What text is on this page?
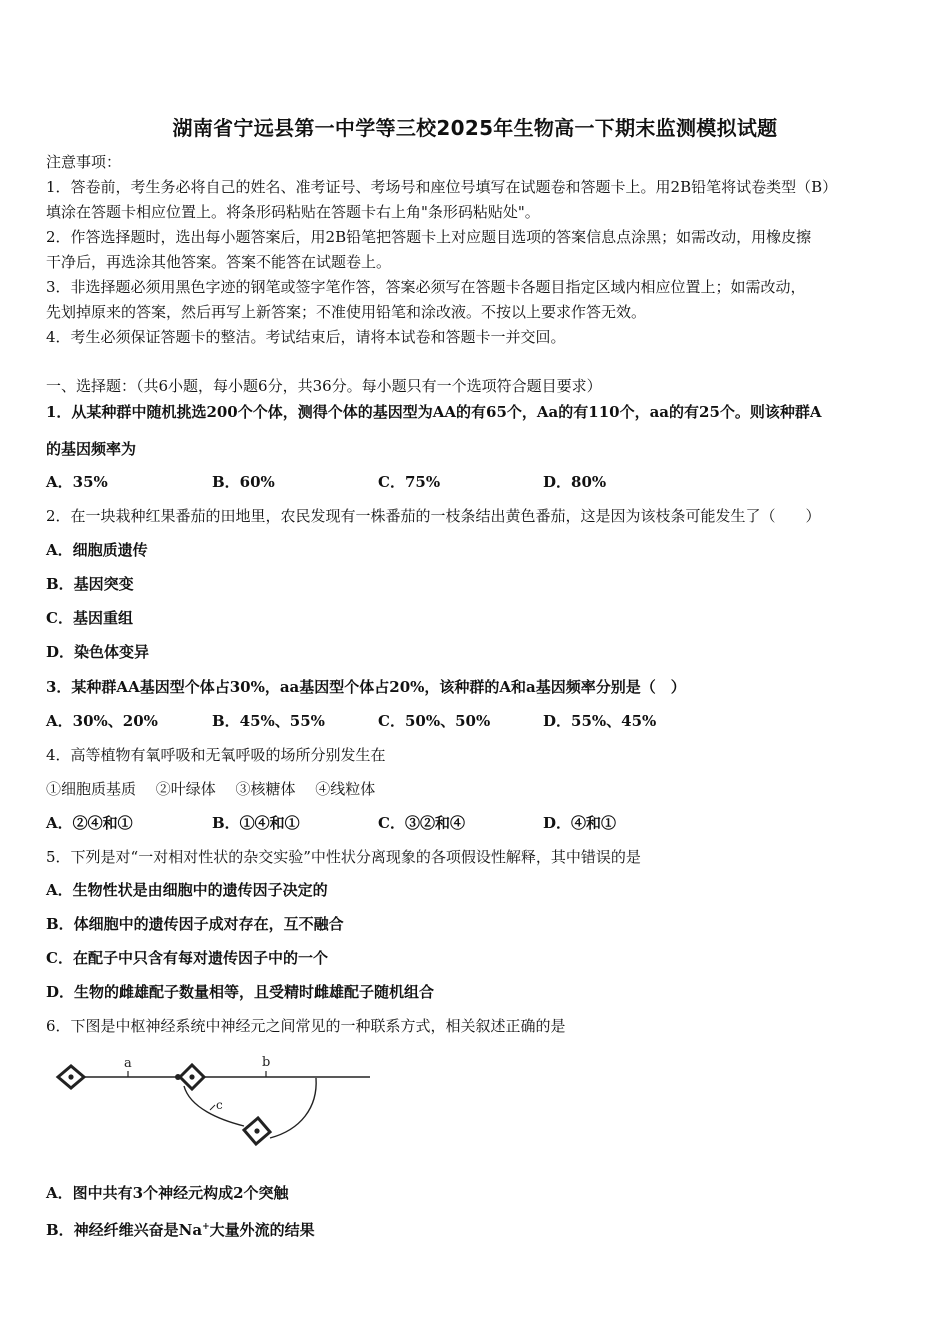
湖南省宁远县第一中学等三校2025年生物高一下期末监测模拟试题
注意事项：
1．答卷前，考生务必将自己的姓名、准考证号、考场号和座位号填写在试题卷和答题卡上。用2B铅笔将试卷类型（B）
填涂在答题卡相应位置上。将条形码粘贴在答题卡右上角"条形码粘贴处"。
2．作答选择题时，选出每小题答案后，用2B铅笔把答题卡上对应题目选项的答案信息点涂黑；如需改动，用橡皮擦
干净后，再选涂其他答案。答案不能答在试题卷上。
3．非选择题必须用黑色字迹的钢笔或签字笔作答，答案必须写在答题卡各题目指定区域内相应位置上；如需改动，
先划掉原来的答案，然后再写上新答案；不准使用铅笔和涂改液。不按以上要求作答无效。
4．考生必须保证答题卡的整洁。考试结束后，请将本试卷和答题卡一并交回。
一、选择题：（共6小题，每小题6分，共36分。每小题只有一个选项符合题目要求）
1．从某种群中随机挑选200个个体，测得个体的基因型为AA的有65个，Aa的有110个，aa的有25个。则该种群A
的基因频率为
A．35%	B．60%	C．75%	D．80%
2．在一块栽种红果番茄的田地里，农民发现有一株番茄的一枝条结出黄色番茄，这是因为该枝条可能发生了（　　）
A．细胞质遗传
B．基因突变
C．基因重组
D．染色体变异
3．某种群AA基因型个体占30%，aa基因型个体占20%，该种群的A和a基因频率分别是（　）
A．30%、20%	B．45%、55%	C．50%、50%	D．55%、45%
4．高等植物有氧呼吸和无氧呼吸的场所分别发生在
①细胞质基质　 ②叶绿体　 ③核糖体　 ④线粒体
A．②④和①	B．①④和①	C．③②和④	D．④和①
5．下列是对“一对相对性状的杂交实验”中性状分离现象的各项假设性解释，其中错误的是
A．生物性状是由细胞中的遗传因子决定的
B．体细胞中的遗传因子成对存在，互不融合
C．在配子中只含有每对遗传因子中的一个
D．生物的雌雄配子数量相等，且受精时雌雄配子随机组合
6．下图是中枢神经系统中神经元之间常见的一种联系方式，相关叙述正确的是
a	b
c
A．图中共有3个神经元构成2个突触
B．神经纤维兴奋是Na+大量外流的结果
